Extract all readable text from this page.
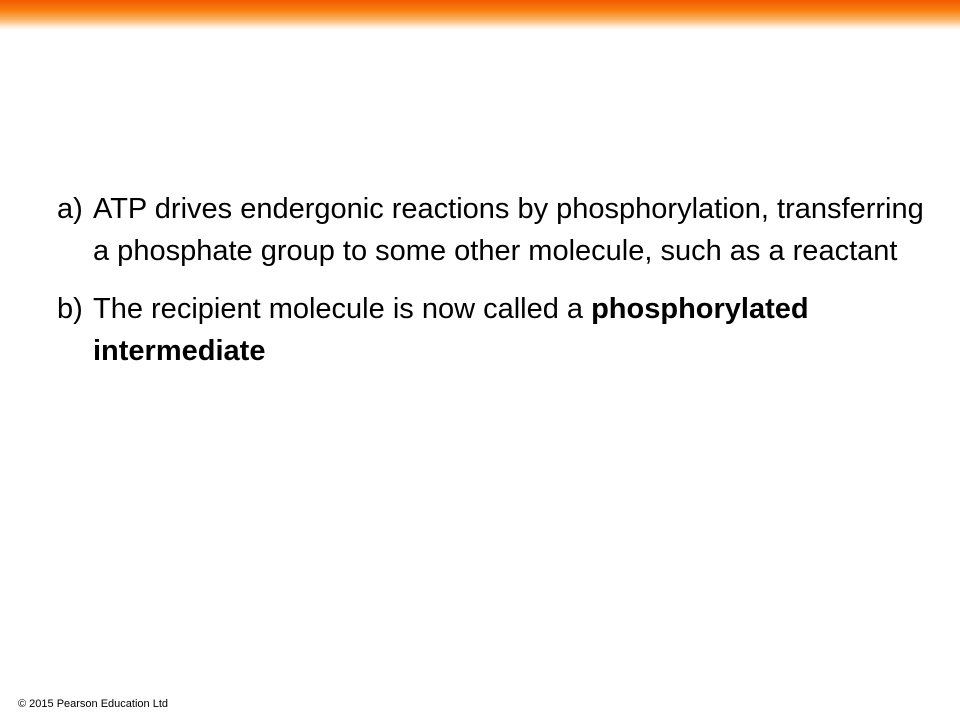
a) ATP drives endergonic reactions by phosphorylation, transferring a phosphate group to some other molecule, such as a reactant
b) The recipient molecule is now called a phosphorylated intermediate
© 2015 Pearson Education Ltd
